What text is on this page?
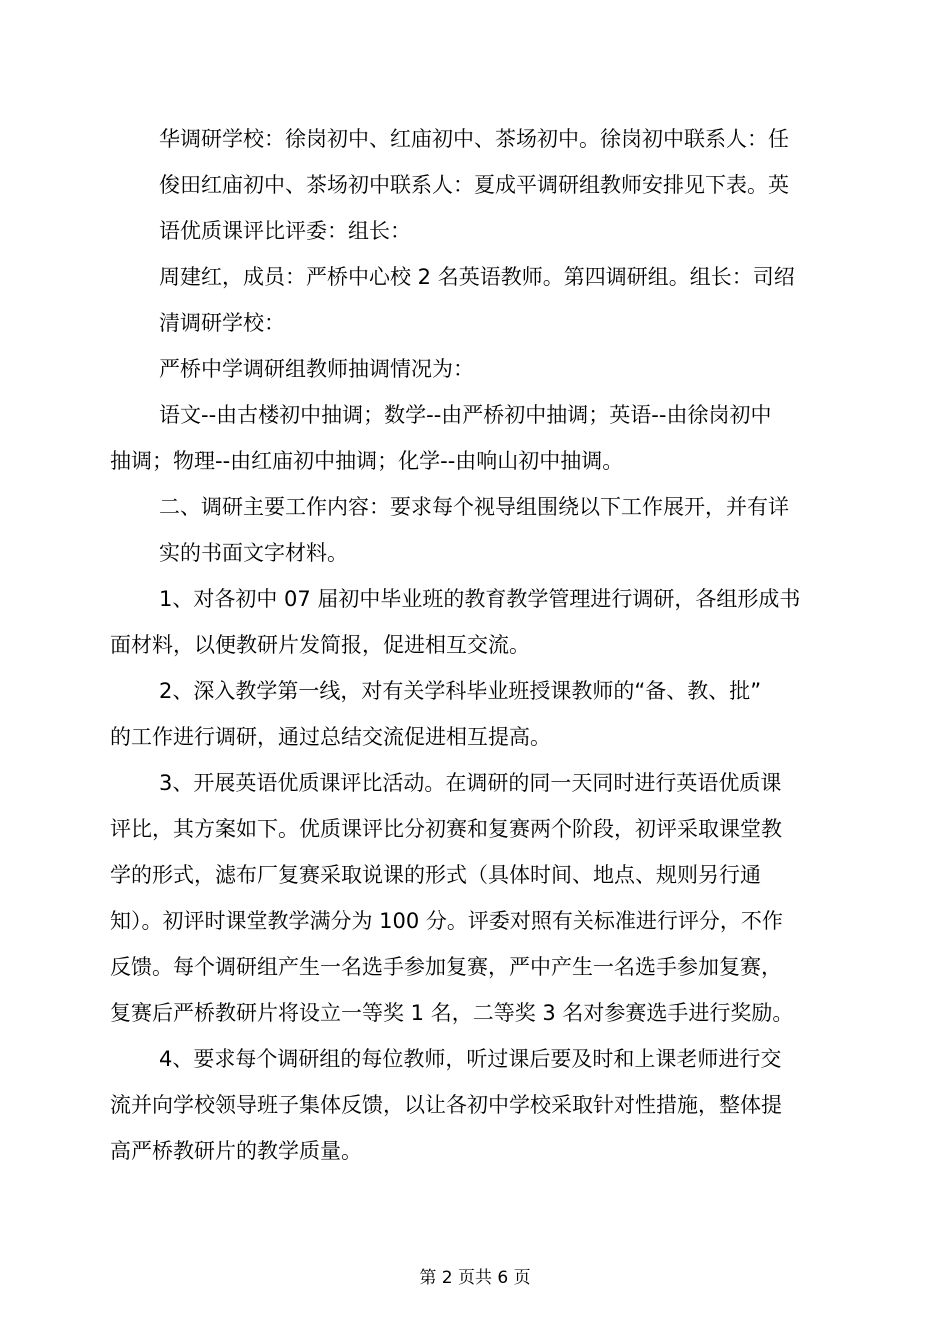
华调研学校：徐岗初中、红庙初中、茶场初中。徐岗初中联系人：任
俊田红庙初中、茶场初中联系人：夏成平调研组教师安排见下表。英
语优质课评比评委：组长：
周建红，成员：严桥中心校 2 名英语教师。第四调研组。组长：司绍
清调研学校：
严桥中学调研组教师抽调情况为：
语文--由古楼初中抽调；数学--由严桥初中抽调；英语--由徐岗初中
抽调；物理--由红庙初中抽调；化学--由响山初中抽调。
二、调研主要工作内容：要求每个视导组围绕以下工作展开，并有详
实的书面文字材料。
1、对各初中 07 届初中毕业班的教育教学管理进行调研，各组形成书
面材料，以便教研片发简报，促进相互交流。
2、深入教学第一线，对有关学科毕业班授课教师的“备、教、批”
的工作进行调研，通过总结交流促进相互提高。
3、开展英语优质课评比活动。在调研的同一天同时进行英语优质课
评比，其方案如下。优质课评比分初赛和复赛两个阶段，初评采取课堂教
学的形式，滤布厂复赛采取说课的形式（具体时间、地点、规则另行通
知）。初评时课堂教学满分为 100 分。评委对照有关标准进行评分，不作
反馈。每个调研组产生一名选手参加复赛，严中产生一名选手参加复赛，
复赛后严桥教研片将设立一等奖 1 名，二等奖 3 名对参赛选手进行奖励。
4、要求每个调研组的每位教师，听过课后要及时和上课老师进行交
流并向学校领导班子集体反馈，以让各初中学校采取针对性措施，整体提
高严桥教研片的教学质量。
第 2 页共 6 页
